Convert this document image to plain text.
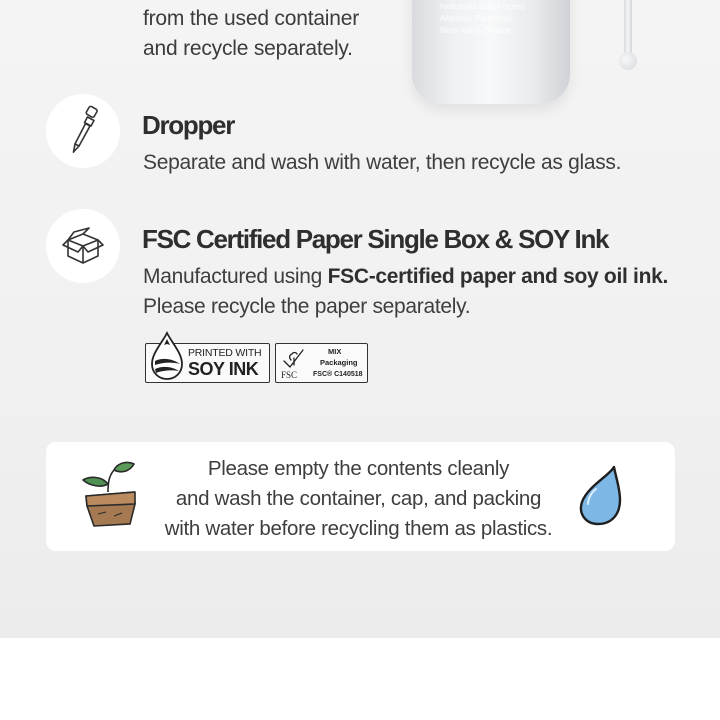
from the used container
and recycle separately.
hyaluronic acid(8 types)
Allantoin, Panthenol
Birch water, Betaine
Dropper
Separate and wash with water, then recycle as glass.
FSC Certified Paper Single Box & SOY Ink
Manufactured using FSC-certified paper and soy oil ink.
Please recycle the paper separately.
PRINTED WITH
SOY INK	FSC
MIX
Packaging
FSC® C140518
Please empty the contents cleanly
and wash the container, cap, and packing
with water before recycling them as plastics.
